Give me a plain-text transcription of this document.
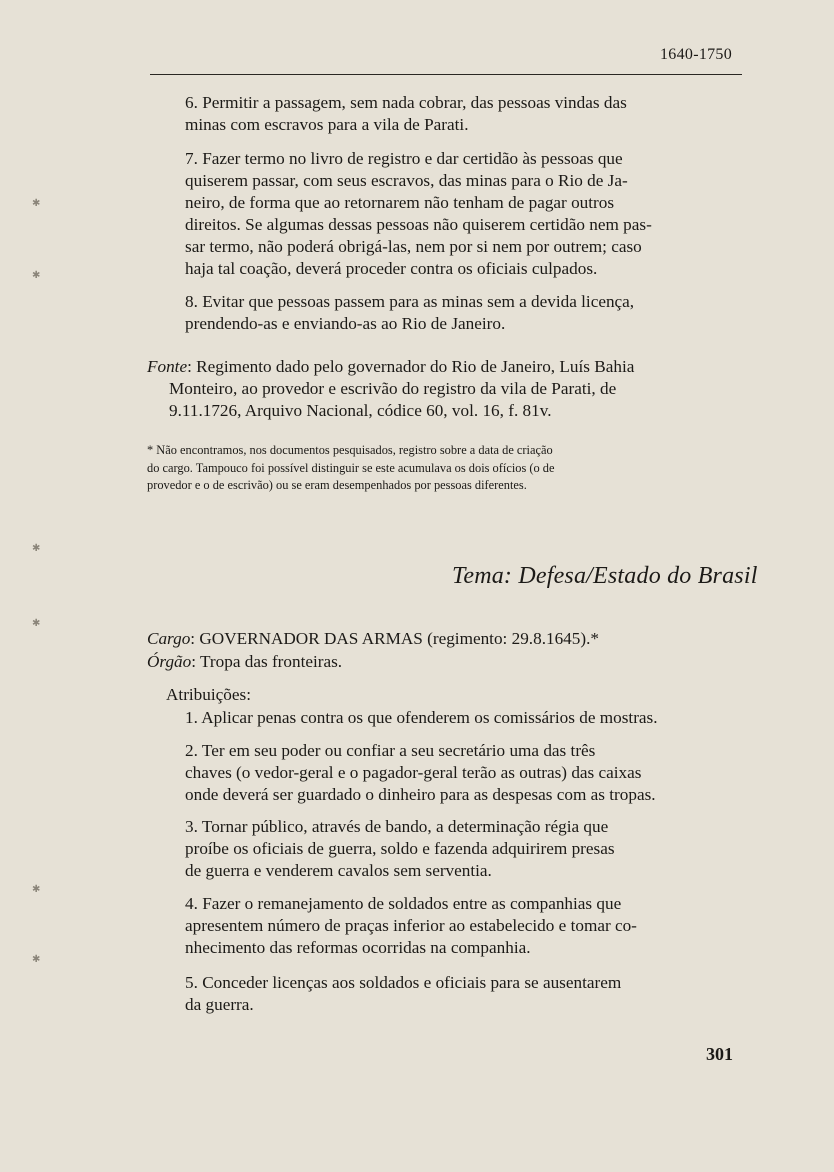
1640-1750
6. Permitir a passagem, sem nada cobrar, das pessoas vindas das
minas com escravos para a vila de Parati.
7. Fazer termo no livro de registro e dar certidão às pessoas que
quiserem passar, com seus escravos, das minas para o Rio de Ja-
neiro, de forma que ao retornarem não tenham de pagar outros
direitos. Se algumas dessas pessoas não quiserem certidão nem pas-
sar termo, não poderá obrigá-las, nem por si nem por outrem; caso
haja tal coação, deverá proceder contra os oficiais culpados.
8. Evitar que pessoas passem para as minas sem a devida licença,
prendendo-as e enviando-as ao Rio de Janeiro.
Fonte: Regimento dado pelo governador do Rio de Janeiro, Luís Bahia
Monteiro, ao provedor e escrivão do registro da vila de Parati, de
9.11.1726, Arquivo Nacional, códice 60, vol. 16, f. 81v.
* Não encontramos, nos documentos pesquisados, registro sobre a data de criação
do cargo. Tampouco foi possível distinguir se este acumulava os dois ofícios (o de
provedor e o de escrivão) ou se eram desempenhados por pessoas diferentes.
Tema: Defesa/Estado do Brasil
Cargo: GOVERNADOR DAS ARMAS (regimento: 29.8.1645).*
Órgão: Tropa das fronteiras.
Atribuições:
1. Aplicar penas contra os que ofenderem os comissários de mostras.
2. Ter em seu poder ou confiar a seu secretário uma das três
chaves (o vedor-geral e o pagador-geral terão as outras) das caixas
onde deverá ser guardado o dinheiro para as despesas com as tropas.
3. Tornar público, através de bando, a determinação régia que
proíbe os oficiais de guerra, soldo e fazenda adquirirem presas
de guerra e venderem cavalos sem serventia.
4. Fazer o remanejamento de soldados entre as companhias que
apresentem número de praças inferior ao estabelecido e tomar co-
nhecimento das reformas ocorridas na companhia.
5. Conceder licenças aos soldados e oficiais para se ausentarem
da guerra.
301
✱
✱
✱
✱
✱
✱
